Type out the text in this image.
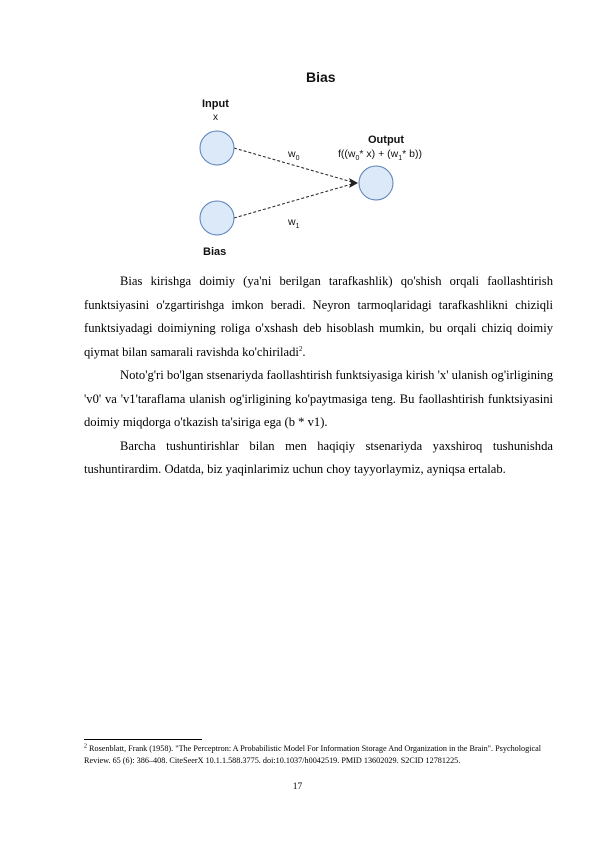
Bias
Input
x
Bias
Output
$f((w_0*$ $x) + (w_1*$ b))
$w_0$
$w_1$

Bias kirishga doimiy (ya'ni berilgan tarafkashlik) qo'shish orqali faollashtirish funktsiyasini o'zgartirishga imkon beradi. Neyron tarmoqlaridagi tarafkashlikni chiziqli funktsiyadagi doimiyning roliga o'xshash deb hisoblash mumkin, bu orqali chiziq doimiy qiymat bilan samarali ravishda ko'chiriladi$^2$.

Noto'g'ri bo'lgan stsenariyda faollashtirish funktsiyasiga kirish 'x' ulanish og'irligining 'v0' va 'v1'taraflama ulanish og'irligining ko'paytmasiga teng. Bu faollashtirish funktsiyasini doimiy miqdorga o'tkazish ta'siriga ega (b * v1).

Barcha tushuntirishlar bilan men haqiqiy stsenariyda yaxshiroq tushunishda tushuntirardim. Odatda, biz yaqinlarimiz uchun choy tayyorlaymiz, ayniqsa ertalab.

$^2$ Rosenblatt, Frank (1958). "The Perceptron: A Probabilistic Model For Information Storage And Organization in the Brain". Psychological Review. 65 (6): 386–408. CiteSeerX 10.1.1.588.3775. doi:10.1037/h0042519. PMID 13602029. S2CID 12781225.
17
